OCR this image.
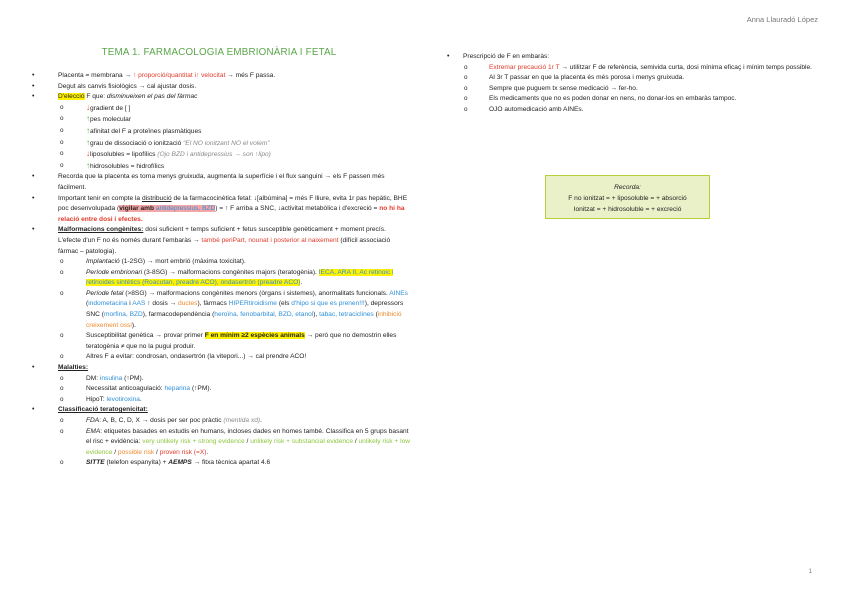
Anna Llauradó López
TEMA 1. FARMACOLOGIA EMBRIONÀRIA I FETAL
• Placenta = membrana → ↑ proporció/quantitat i↑ velocitat → més F passa.
• Degut als canvis fisiològics → cal ajustar dosis.
• D'elecció F que: disminueixen el pas del fàrmac
o ↓gradient de [ ]
o ↑pes molecular
o ↑afinitat del F a proteïnes plasmàtiques
o ↑grau de dissociació o ionització “El NO ionitzant NO el volem”
o ↓liposolubles = lipofílics (Ojo BZD i antidepressius → son ↑lipo)
o ↑hidrosolubles = hidrofílics
• Recorda que la placenta es torna menys gruixuda, augmenta la superfície i el flux sanguini → els F passen més fàcilment.
• Important tenir en compte la distribució de la farmacocinètica fetal: ↓[albúmina] = més F lliure, evita 1r pas hepàtic, BHE poc desenvolupada (vigilar amb antidepressius, BZD) = ↑ F arriba a SNC, ↓activitat metabòlica i d'excreció = no hi ha relació entre dosi i efectes.
• Malformacions congènites: dosi suficient + temps suficient + fetus susceptible genèticament + moment precís. L'efecte d'un F no és només durant l'embaràs → també periPart, nounat i posterior al naixement (difícil associació fàrmac – patologia).
o Implantació (1-2SG) → mort embrió (màxima toxicitat).
o Període embrionari (3-8SG) → malformacions congènites majors (teratogènia). IECA, ARA II, Ac retinoic i retinoides sintètics (Roacutan, preadre ACO), ondasertrón (preadre ACO).
o Període fetal (>8SG) → malformacions congènites menors (òrgans i sistemes), anormalitats funcionals. AINEs (indometacina i AAS ↑ dosis → ductes), fàrmacs HIPERtiroidisme (els d'hipo si que es prenen!!!), depressors SNC (morfina, BZD), farmacodependència (heroïna, fenobarbital, BZD, etanol), tabac, tetraciclines (inhibició creixement ossi).
o Susceptibilitat genètica → provar primer F en mínim ≥2 espècies animals → però que no demostrin elles teratogènia ≠ que no la pugui produir.
o Altres F a evitar: condrosan, ondasertrón (la vitepori...) → cal prendre ACO!
• Malalties:
o DM: insulina (↑PM).
o Necessitat anticoagulació: heparina (↑PM).
o HipoT: levotiroxina.
• Classificació teratogenicitat:
o FDA: A, B, C, D, X → dosis per ser poc pràctic (mentida xd).
o EMA: etiquetes basades en estudis en humans, incloses dades en homes també. Classifica en 5 grups basant el risc + evidència: very unlikely risk + strong evidence / unlikely risk + substancial evidence / unlikely risk + low evidence / possible risk / proven risk (=X).
o SITTE (telefon espanyita) + AEMPS → fitxa tècnica apartat 4.6
• Prescripció de F en embaràs:
o Extremar precaució 1r T → utilitzar F de referència, semivida curta, dosi mínima eficaç i mínim temps possible.
o Al 3r T passar en que la placenta és més porosa i menys gruixuda.
o Sempre que puguem tx sense medicació → fer-ho.
o Els medicaments que no es poden donar en nens, no donar-los en embaràs tampoc.
o OJO automedicació amb AINEs.
Recorda:
F no ionitzat = + liposoluble = + absorció
Ionitzat = + hidrosoluble = + excreció
1
